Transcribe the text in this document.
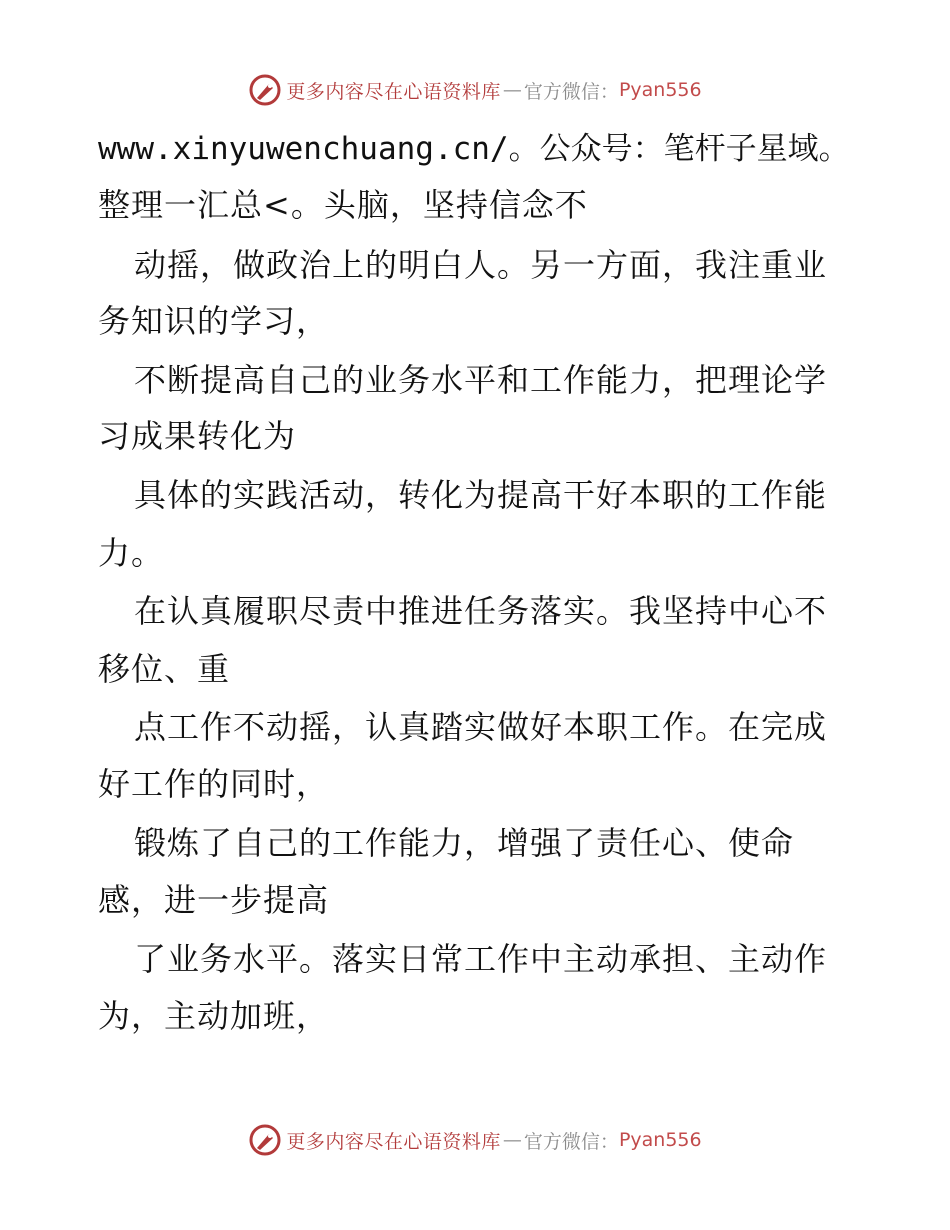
更多内容尽在心语资料库 — 官方微信： Pyan556
www.xinyuwenchuang.cn/。公众号：笔杆子星域。
整理一汇总<。头脑，坚持信念不
动摇，做政治上的明白人。另一方面，我注重业
务知识的学习，
不断提高自己的业务水平和工作能力，把理论学
习成果转化为
具体的实践活动，转化为提高干好本职的工作能
力。
在认真履职尽责中推进任务落实。我坚持中心不
移位、重
点工作不动摇，认真踏实做好本职工作。在完成
好工作的同时，
锻炼了自己的工作能力，增强了责任心、使命
感，进一步提高
了业务水平。落实日常工作中主动承担、主动作
为，主动加班，
更多内容尽在心语资料库 — 官方微信： Pyan556
